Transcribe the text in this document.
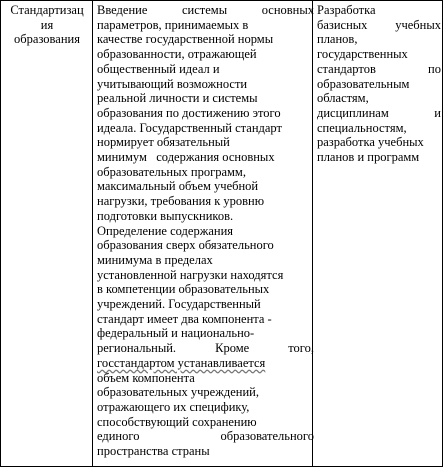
Стандартизац
ия
образования
Введение системы основных
параметров, принимаемых в
качестве государственной нормы
образованности, отражающей
общественный идеал и
учитывающий возможности
реальной личности и системы
образования по достижению этого
идеала. Государственный стандарт
нормирует обязательный
минимум   содержания основных
образовательных программ,
максимальный объем учебной
нагрузки, требования к уровню
подготовки выпускников.
Определение содержания
образования сверх обязательного
минимума в пределах
установленной нагрузки находятся
в компетенции образовательных
учреждений. Государственный
стандарт имеет два компонента -
федеральный и национально-
региональный. Кроме того,
госстандартом устанавливается
объем компонента
образовательных учреждений,
отражающего их специфику,
способствующий сохранению
единого образовательного
пространства страны
Разработка
базисных учебных
планов,
государственных
стандартов по
образовательным
областям,
дисциплинам и
специальностям,
разработка учебных
планов и программ
